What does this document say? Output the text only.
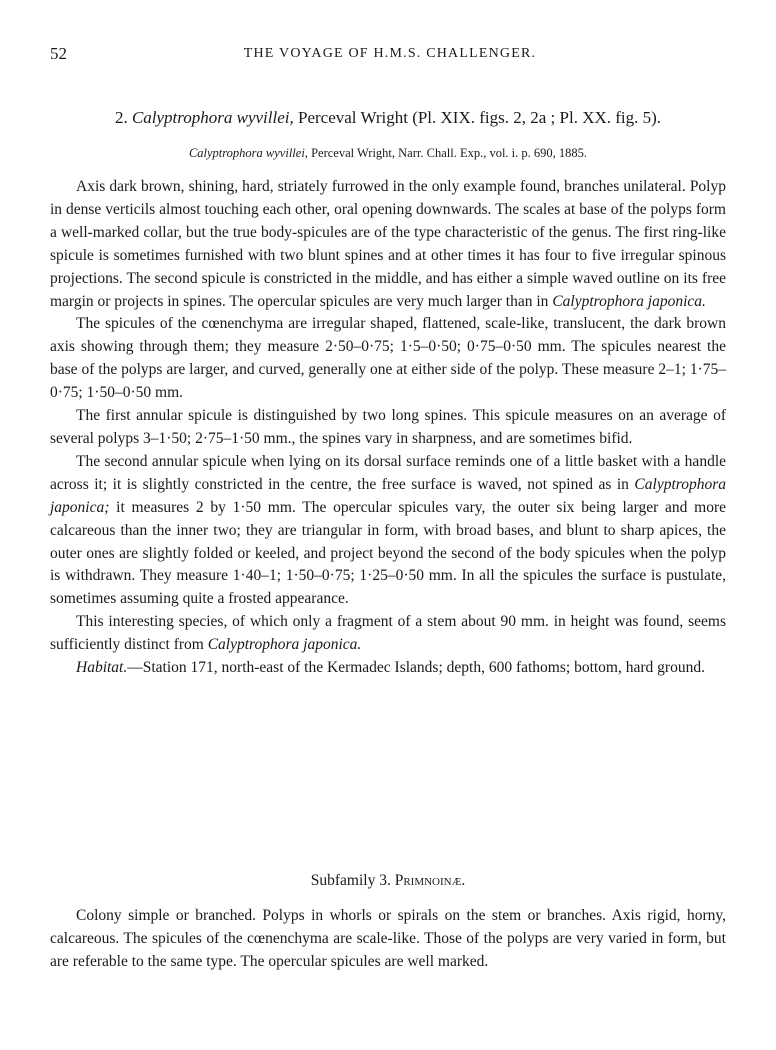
52	THE VOYAGE OF H.M.S. CHALLENGER.
2. Calyptrophora wyvillei, Perceval Wright (Pl. XIX. figs. 2, 2a ; Pl. XX. fig. 5).
Calyptrophora wyvillei, Perceval Wright, Narr. Chall. Exp., vol. i. p. 690, 1885.

Axis dark brown, shining, hard, striately furrowed in the only example found, branches unilateral. Polyp in dense verticils almost touching each other, oral opening downwards. The scales at base of the polyps form a well-marked collar, but the true body-spicules are of the type characteristic of the genus. The first ring-like spicule is sometimes furnished with two blunt spines and at other times it has four to five irregular spinous projections. The second spicule is constricted in the middle, and has either a simple waved outline on its free margin or projects in spines. The opercular spicules are very much larger than in Calyptrophora japonica.

The spicules of the cœnenchyma are irregular shaped, flattened, scale-like, translucent, the dark brown axis showing through them; they measure 2·50–0·75; 1·5–0·50; 0·75–0·50 mm. The spicules nearest the base of the polyps are larger, and curved, generally one at either side of the polyp. These measure 2–1; 1·75–0·75; 1·50–0·50 mm.

The first annular spicule is distinguished by two long spines. This spicule measures on an average of several polyps 3–1·50; 2·75–1·50 mm., the spines vary in sharpness, and are sometimes bifid.

The second annular spicule when lying on its dorsal surface reminds one of a little basket with a handle across it; it is slightly constricted in the centre, the free surface is waved, not spined as in Calyptrophora japonica; it measures 2 by 1·50 mm. The opercular spicules vary, the outer six being larger and more calcareous than the inner two; they are triangular in form, with broad bases, and blunt to sharp apices, the outer ones are slightly folded or keeled, and project beyond the second of the body spicules when the polyp is withdrawn. They measure 1·40–1; 1·50–0·75; 1·25–0·50 mm. In all the spicules the surface is pustulate, sometimes assuming quite a frosted appearance.

This interesting species, of which only a fragment of a stem about 90 mm. in height was found, seems sufficiently distinct from Calyptrophora japonica.

Habitat.—Station 171, north-east of the Kermadec Islands; depth, 600 fathoms; bottom, hard ground.

Subfamily 3. Primnoinæ.

Colony simple or branched. Polyps in whorls or spirals on the stem or branches. Axis rigid, horny, calcareous. The spicules of the cœnenchyma are scale-like. Those of the polyps are very varied in form, but are referable to the same type. The opercular spicules are well marked.
